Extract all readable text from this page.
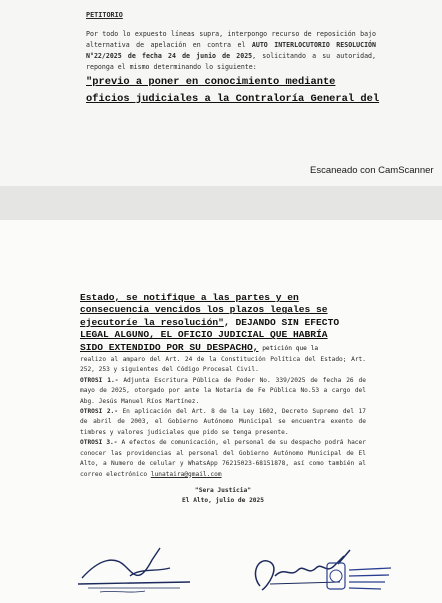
PETITORIO
Por todo lo expuesto líneas supra, interpongo recurso de reposición bajo alternativa de apelación en contra el AUTO INTERLOCUTORIO RESOLUCIÓN N°22/2025 de fecha 24 de junio de 2025, solicitando a su autoridad, reponga el mismo determinando lo siguiente:
"previo a poner en conocimiento mediante
oficios judiciales a la Contraloría General del
Escaneado con CamScanner
Estado, se notifique a las partes y en
consecuencia vencidos los plazos legales se
ejecutoríe la resolución", DEJANDO SIN EFECTO
LEGAL ALGUNO, EL OFICIO JUDICIAL QUE HABRÍA
SIDO EXTENDIDO POR SU DESPACHO, petición que la
realizo al amparo del Art. 24 de la Constitución Política del Estado; Art. 252, 253 y siguientes del Código Procesal Civil.
OTROSI 1.- Adjunta Escritura Pública de Poder No. 339/2025 de fecha 26 de mayo de 2025, otorgado por ante la Notaria de Fe Pública No.53 a cargo del Abg. Jesús Manuel Ríos Martínez.
OTROSI 2.- En aplicación del Art. 8 de la Ley 1602, Decreto Supremo del 17 de abril de 2003, el Gobierno Autónomo Municipal se encuentra exento de timbres y valores judiciales que pido se tenga presente.
OTROSI 3.- A efectos de comunicación, el personal de su despacho podrá hacer conocer las providencias al personal del Gobierno Autónomo Municipal de El Alto, a Numero de celular y WhatsApp 76215023-68151878, así como también al correo electrónico lunataira@gmail.com
"Sera Justicia"
El Alto, julio de 2025
